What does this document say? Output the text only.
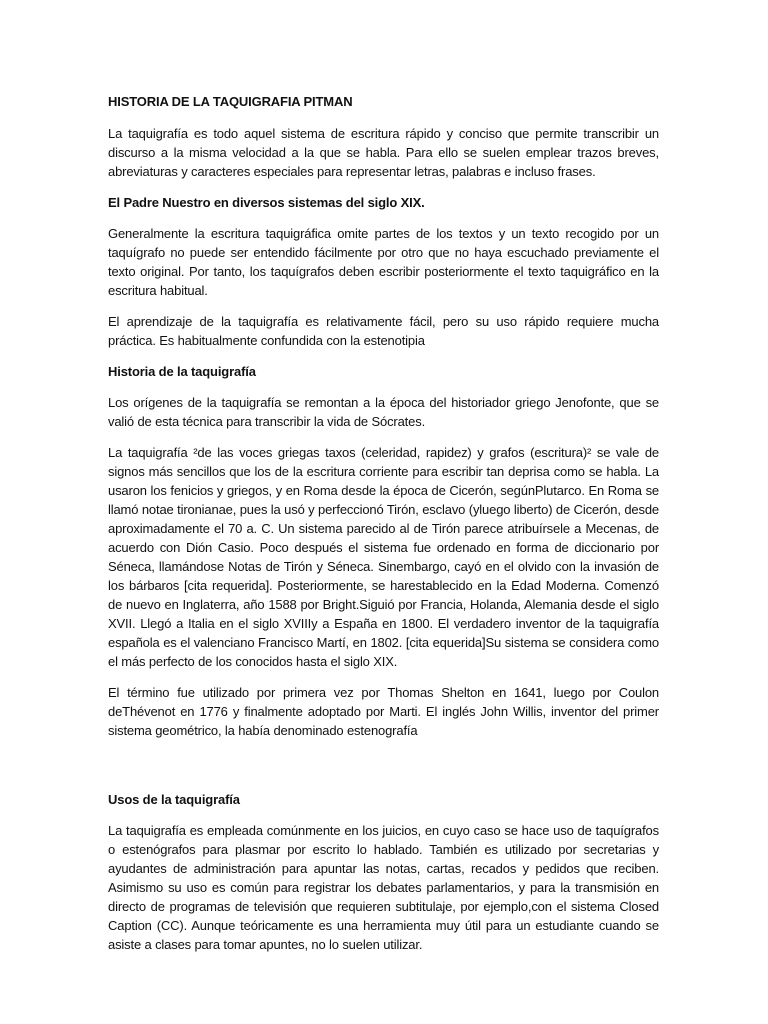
HISTORIA DE LA TAQUIGRAFIA PITMAN

La taquigrafía es todo aquel sistema de escritura rápido y conciso que permite transcribir un discurso a la misma velocidad a la que se habla. Para ello se suelen emplear trazos breves, abreviaturas y caracteres especiales para representar letras, palabras e incluso frases.

El Padre Nuestro en diversos sistemas del siglo XIX.

Generalmente la escritura taquigráfica omite partes de los textos y un texto recogido por un taquígrafo no puede ser entendido fácilmente por otro que no haya escuchado previamente el texto original. Por tanto, los taquígrafos deben escribir posteriormente el texto taquigráfico en la escritura habitual.

El aprendizaje de la taquigrafía es relativamente fácil, pero su uso rápido requiere mucha práctica. Es habitualmente confundida con la estenotipia

Historia de la taquigrafía

Los orígenes de la taquigrafía se remontan a la época del historiador griego Jenofonte, que se valió de esta técnica para transcribir la vida de Sócrates.

La taquigrafía ²de las voces griegas taxos (celeridad, rapidez) y grafos (escritura)² se vale de signos más sencillos que los de la escritura corriente para escribir tan deprisa como se habla. La usaron los fenicios y griegos, y en Roma desde la época de Cicerón, segúnPlutarco. En Roma se llamó notae tironianae, pues la usó y perfeccionó Tirón, esclavo (yluego liberto) de Cicerón, desde aproximadamente el 70 a. C. Un sistema parecido al de Tirón parece atribuírsele a Mecenas, de acuerdo con Dión Casio. Poco después el sistema fue ordenado en forma de diccionario por Séneca, llamándose Notas de Tirón y Séneca. Sinembargo, cayó en el olvido con la invasión de los bárbaros [cita requerida]. Posteriormente, se harestablecido en la Edad Moderna. Comenzó de nuevo en Inglaterra, año 1588 por Bright.Siguió por Francia, Holanda, Alemania desde el siglo XVII. Llegó a Italia en el siglo XVIIIy a España en 1800. El verdadero inventor de la taquigrafía española es el valenciano Francisco Martí, en 1802. [cita equerida]Su sistema se considera como el más perfecto de los conocidos hasta el siglo XIX.

El término fue utilizado por primera vez por Thomas Shelton en 1641, luego por Coulon deThévenot en 1776 y finalmente adoptado por Marti. El inglés John Willis, inventor del primer sistema geométrico, la había denominado estenografía

Usos de la taquigrafía

La taquigrafía es empleada comúnmente en los juicios, en cuyo caso se hace uso de taquígrafos o estenógrafos para plasmar por escrito lo hablado. También es utilizado por secretarias y ayudantes de administración para apuntar las notas, cartas, recados y pedidos que reciben. Asimismo su uso es común para registrar los debates parlamentarios, y para la transmisión en directo de programas de televisión que requieren subtitulaje, por ejemplo,con el sistema Closed Caption (CC). Aunque teóricamente es una herramienta muy útil para un estudiante cuando se asiste a clases para tomar apuntes, no lo suelen utilizar.
